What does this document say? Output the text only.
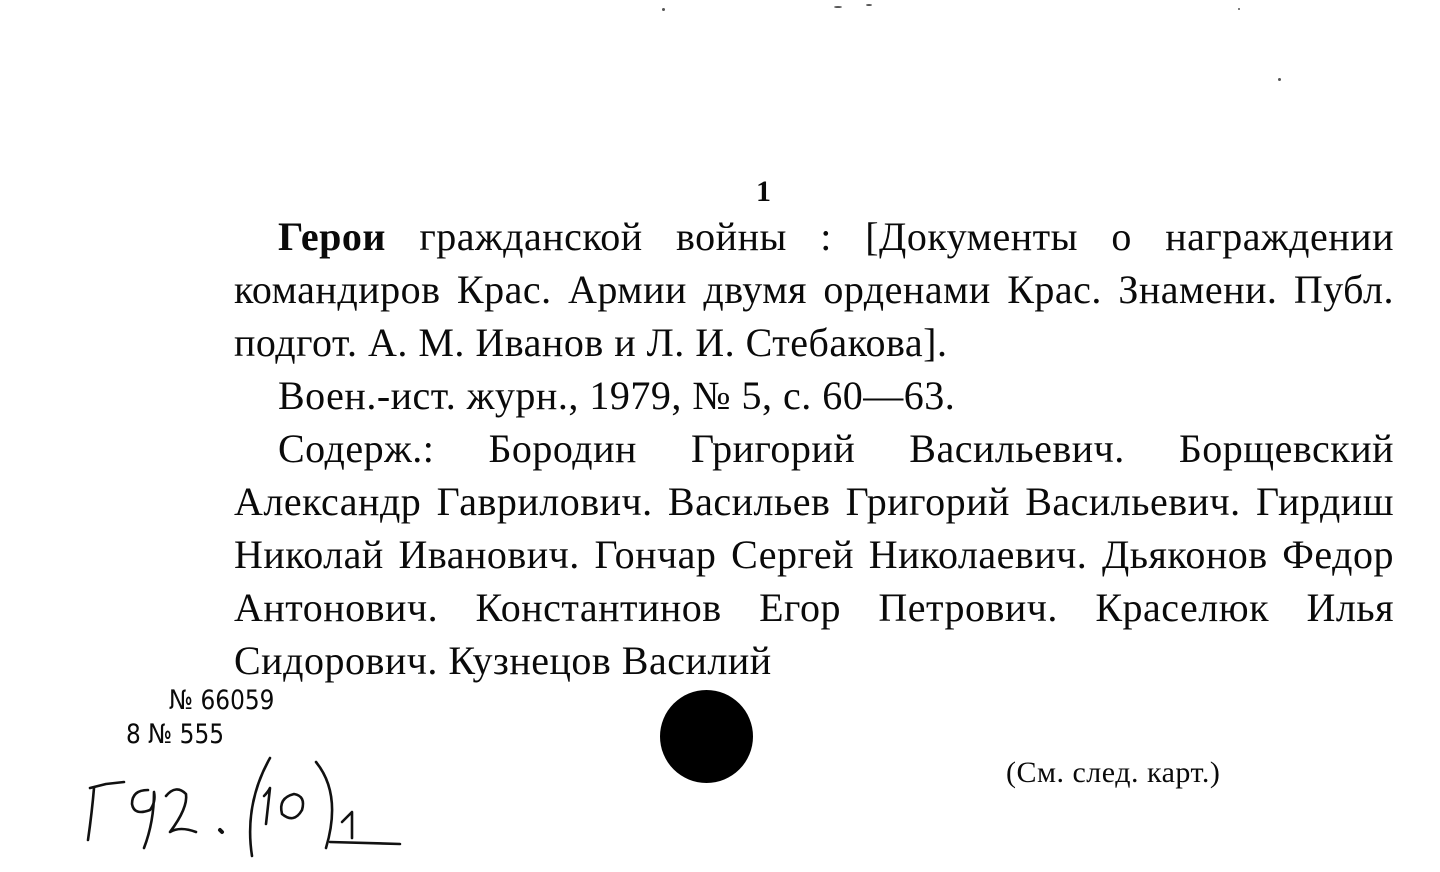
1

Герои гражданской войны : [Документы о награждении командиров Крас. Армии двумя орденами Крас. Знамени. Публ. подгот. А. М. Иванов и Л. И. Стебакова].

Воен.-ист. журн., 1979, № 5, с. 60—63.

Содерж.: Бородин Григорий Васильевич. Борщевский Александр Гаврилович. Васильев Григорий Васильевич. Гирдиш Николай Иванович. Гончар Сергей Николаевич. Дьяконов Федор Антонович. Константинов Егор Петрович. Краселюк Илья Сидорович. Кузнецов Василий

№ 66059
8 № 555
(См. след. карт.)
